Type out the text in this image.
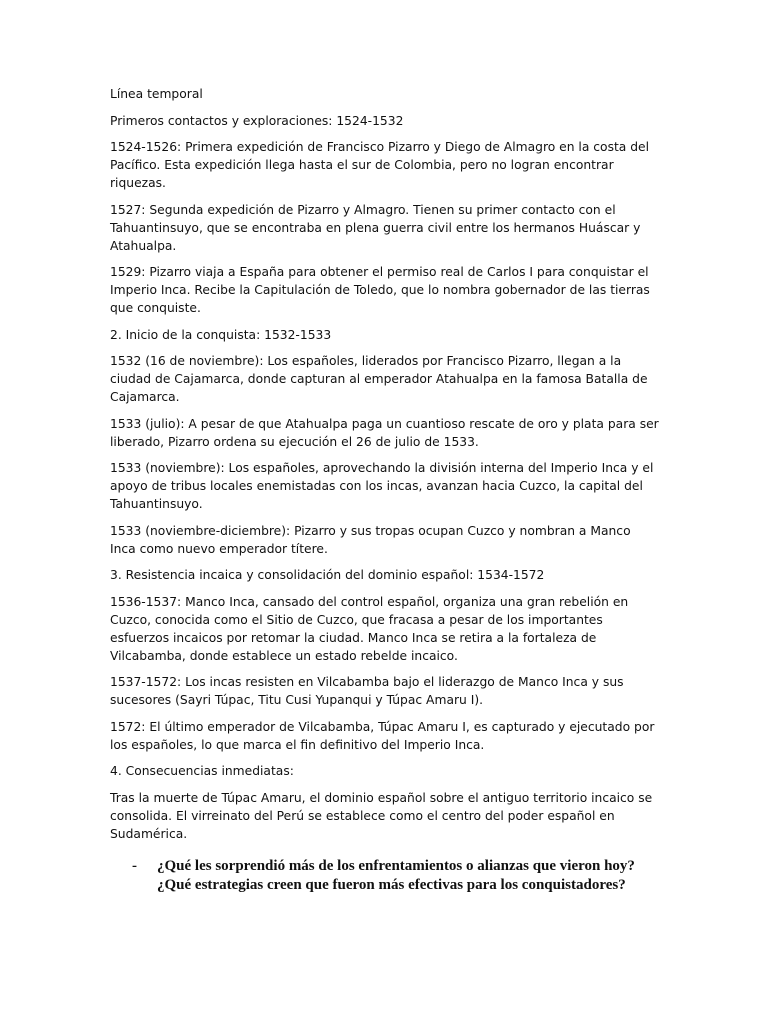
Línea temporal

Primeros contactos y exploraciones: 1524-1532

1524-1526: Primera expedición de Francisco Pizarro y Diego de Almagro en la costa del Pacífico. Esta expedición llega hasta el sur de Colombia, pero no logran encontrar riquezas.

1527: Segunda expedición de Pizarro y Almagro. Tienen su primer contacto con el Tahuantinsuyo, que se encontraba en plena guerra civil entre los hermanos Huáscar y Atahualpa.

1529: Pizarro viaja a España para obtener el permiso real de Carlos I para conquistar el Imperio Inca. Recibe la Capitulación de Toledo, que lo nombra gobernador de las tierras que conquiste.

2. Inicio de la conquista: 1532-1533

1532 (16 de noviembre): Los españoles, liderados por Francisco Pizarro, llegan a la ciudad de Cajamarca, donde capturan al emperador Atahualpa en la famosa Batalla de Cajamarca.

1533 (julio): A pesar de que Atahualpa paga un cuantioso rescate de oro y plata para ser liberado, Pizarro ordena su ejecución el 26 de julio de 1533.

1533 (noviembre): Los españoles, aprovechando la división interna del Imperio Inca y el apoyo de tribus locales enemistadas con los incas, avanzan hacia Cuzco, la capital del Tahuantinsuyo.

1533 (noviembre-diciembre): Pizarro y sus tropas ocupan Cuzco y nombran a Manco Inca como nuevo emperador títere.

3. Resistencia incaica y consolidación del dominio español: 1534-1572

1536-1537: Manco Inca, cansado del control español, organiza una gran rebelión en Cuzco, conocida como el Sitio de Cuzco, que fracasa a pesar de los importantes esfuerzos incaicos por retomar la ciudad. Manco Inca se retira a la fortaleza de Vilcabamba, donde establece un estado rebelde incaico.

1537-1572: Los incas resisten en Vilcabamba bajo el liderazgo de Manco Inca y sus sucesores (Sayri Túpac, Titu Cusi Yupanqui y Túpac Amaru I).

1572: El último emperador de Vilcabamba, Túpac Amaru I, es capturado y ejecutado por los españoles, lo que marca el fin definitivo del Imperio Inca.

4. Consecuencias inmediatas:

Tras la muerte de Túpac Amaru, el dominio español sobre el antiguo territorio incaico se consolida. El virreinato del Perú se establece como el centro del poder español en Sudamérica.

-	¿Qué les sorprendió más de los enfrentamientos o alianzas que vieron hoy?
¿Qué estrategias creen que fueron más efectivas para los conquistadores?
